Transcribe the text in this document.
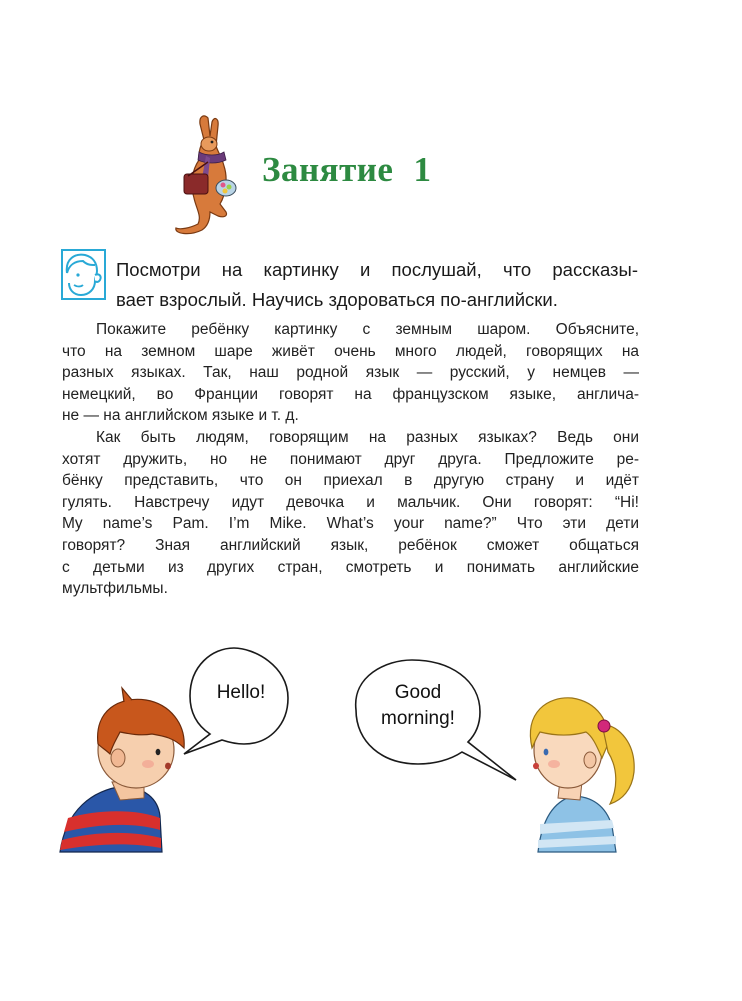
Занятие 1
Посмотри на картинку и послушай, что рассказы-
вает взрослый. Научись здороваться по-английски.
Покажите ребёнку картинку с земным шаром. Объясните,
что на земном шаре живёт очень много людей, говорящих на
разных языках. Так, наш родной язык — русский, у немцев —
немецкий, во Франции говорят на французском языке, англича-
не — на английском языке и т. д.
Как быть людям, говорящим на разных языках? Ведь они
хотят дружить, но не понимают друг друга. Предложите ре-
бёнку представить, что он приехал в другую страну и идёт
гулять. Навстречу идут девочка и мальчик. Они говорят: “Hi!
My name’s Pam. I’m Mike. What’s your name?” Что эти дети
говорят? Зная английский язык, ребёнок сможет общаться
с детьми из других стран, смотреть и понимать английские
мультфильмы.
Hello!	Good
morning!
